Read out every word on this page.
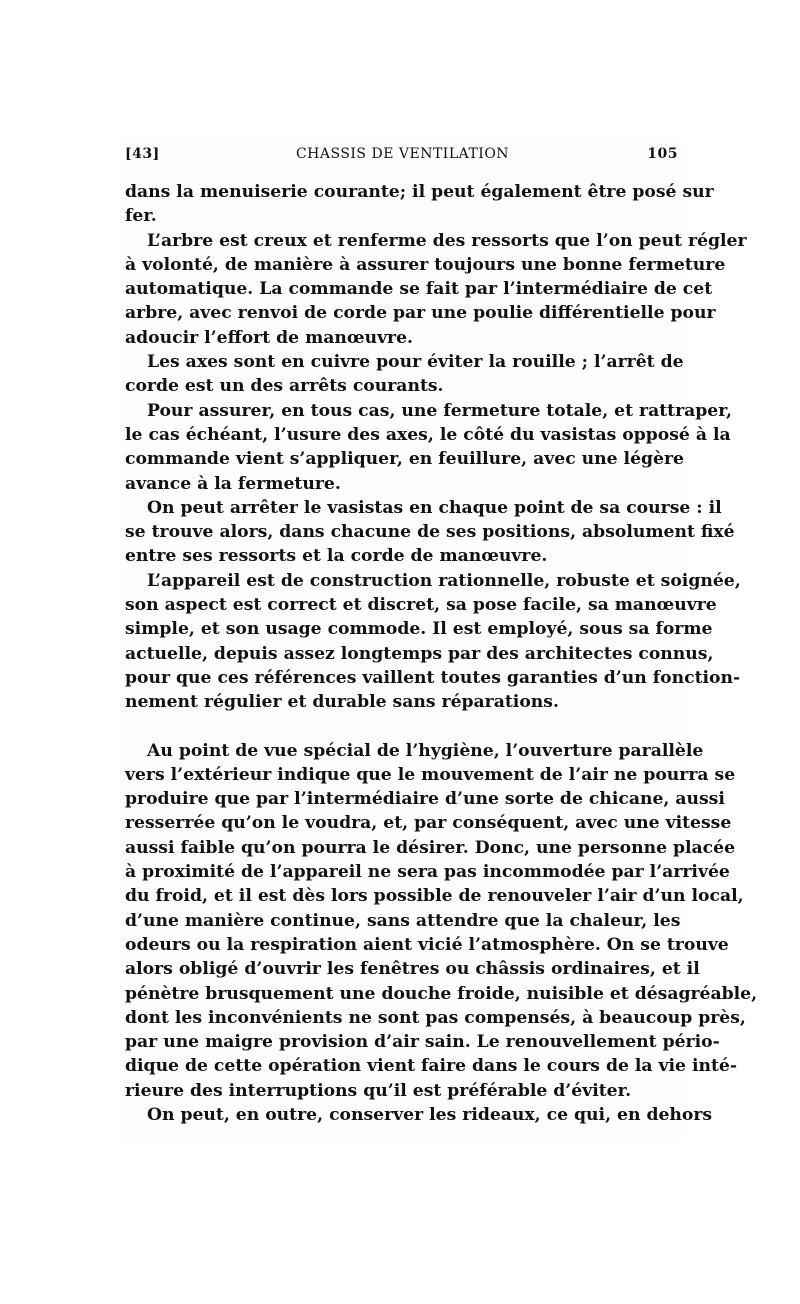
[43]	CHASSIS DE VENTILATION	105
dans la menuiserie courante; il peut également être posé sur
fer.
L’arbre est creux et renferme des ressorts que l’on peut régler
à volonté, de manière à assurer toujours une bonne fermeture
automatique. La commande se fait par l’intermédiaire de cet
arbre, avec renvoi de corde par une poulie différentielle pour
adoucir l’effort de manœuvre.
Les axes sont en cuivre pour éviter la rouille ; l’arrêt de
corde est un des arrêts courants.
Pour assurer, en tous cas, une fermeture totale, et rattraper,
le cas échéant, l’usure des axes, le côté du vasistas opposé à la
commande vient s’appliquer, en feuillure, avec une légère
avance à la fermeture.
On peut arrêter le vasistas en chaque point de sa course : il
se trouve alors, dans chacune de ses positions, absolument fixé
entre ses ressorts et la corde de manœuvre.
L’appareil est de construction rationnelle, robuste et soignée,
son aspect est correct et discret, sa pose facile, sa manœuvre
simple, et son usage commode. Il est employé, sous sa forme
actuelle, depuis assez longtemps par des architectes connus,
pour que ces références vaillent toutes garanties d’un fonction-
nement régulier et durable sans réparations.
Au point de vue spécial de l’hygiène, l’ouverture parallèle
vers l’extérieur indique que le mouvement de l’air ne pourra se
produire que par l’intermédiaire d’une sorte de chicane, aussi
resserrée qu’on le voudra, et, par conséquent, avec une vitesse
aussi faible qu’on pourra le désirer. Donc, une personne placée
à proximité de l’appareil ne sera pas incommodée par l’arrivée
du froid, et il est dès lors possible de renouveler l’air d’un local,
d’une manière continue, sans attendre que la chaleur, les
odeurs ou la respiration aient vicié l’atmosphère. On se trouve
alors obligé d’ouvrir les fenêtres ou châssis ordinaires, et il
pénètre brusquement une douche froide, nuisible et désagréable,
dont les inconvénients ne sont pas compensés, à beaucoup près,
par une maigre provision d’air sain. Le renouvellement pério-
dique de cette opération vient faire dans le cours de la vie inté-
rieure des interruptions qu’il est préférable d’éviter.
On peut, en outre, conserver les rideaux, ce qui, en dehors
